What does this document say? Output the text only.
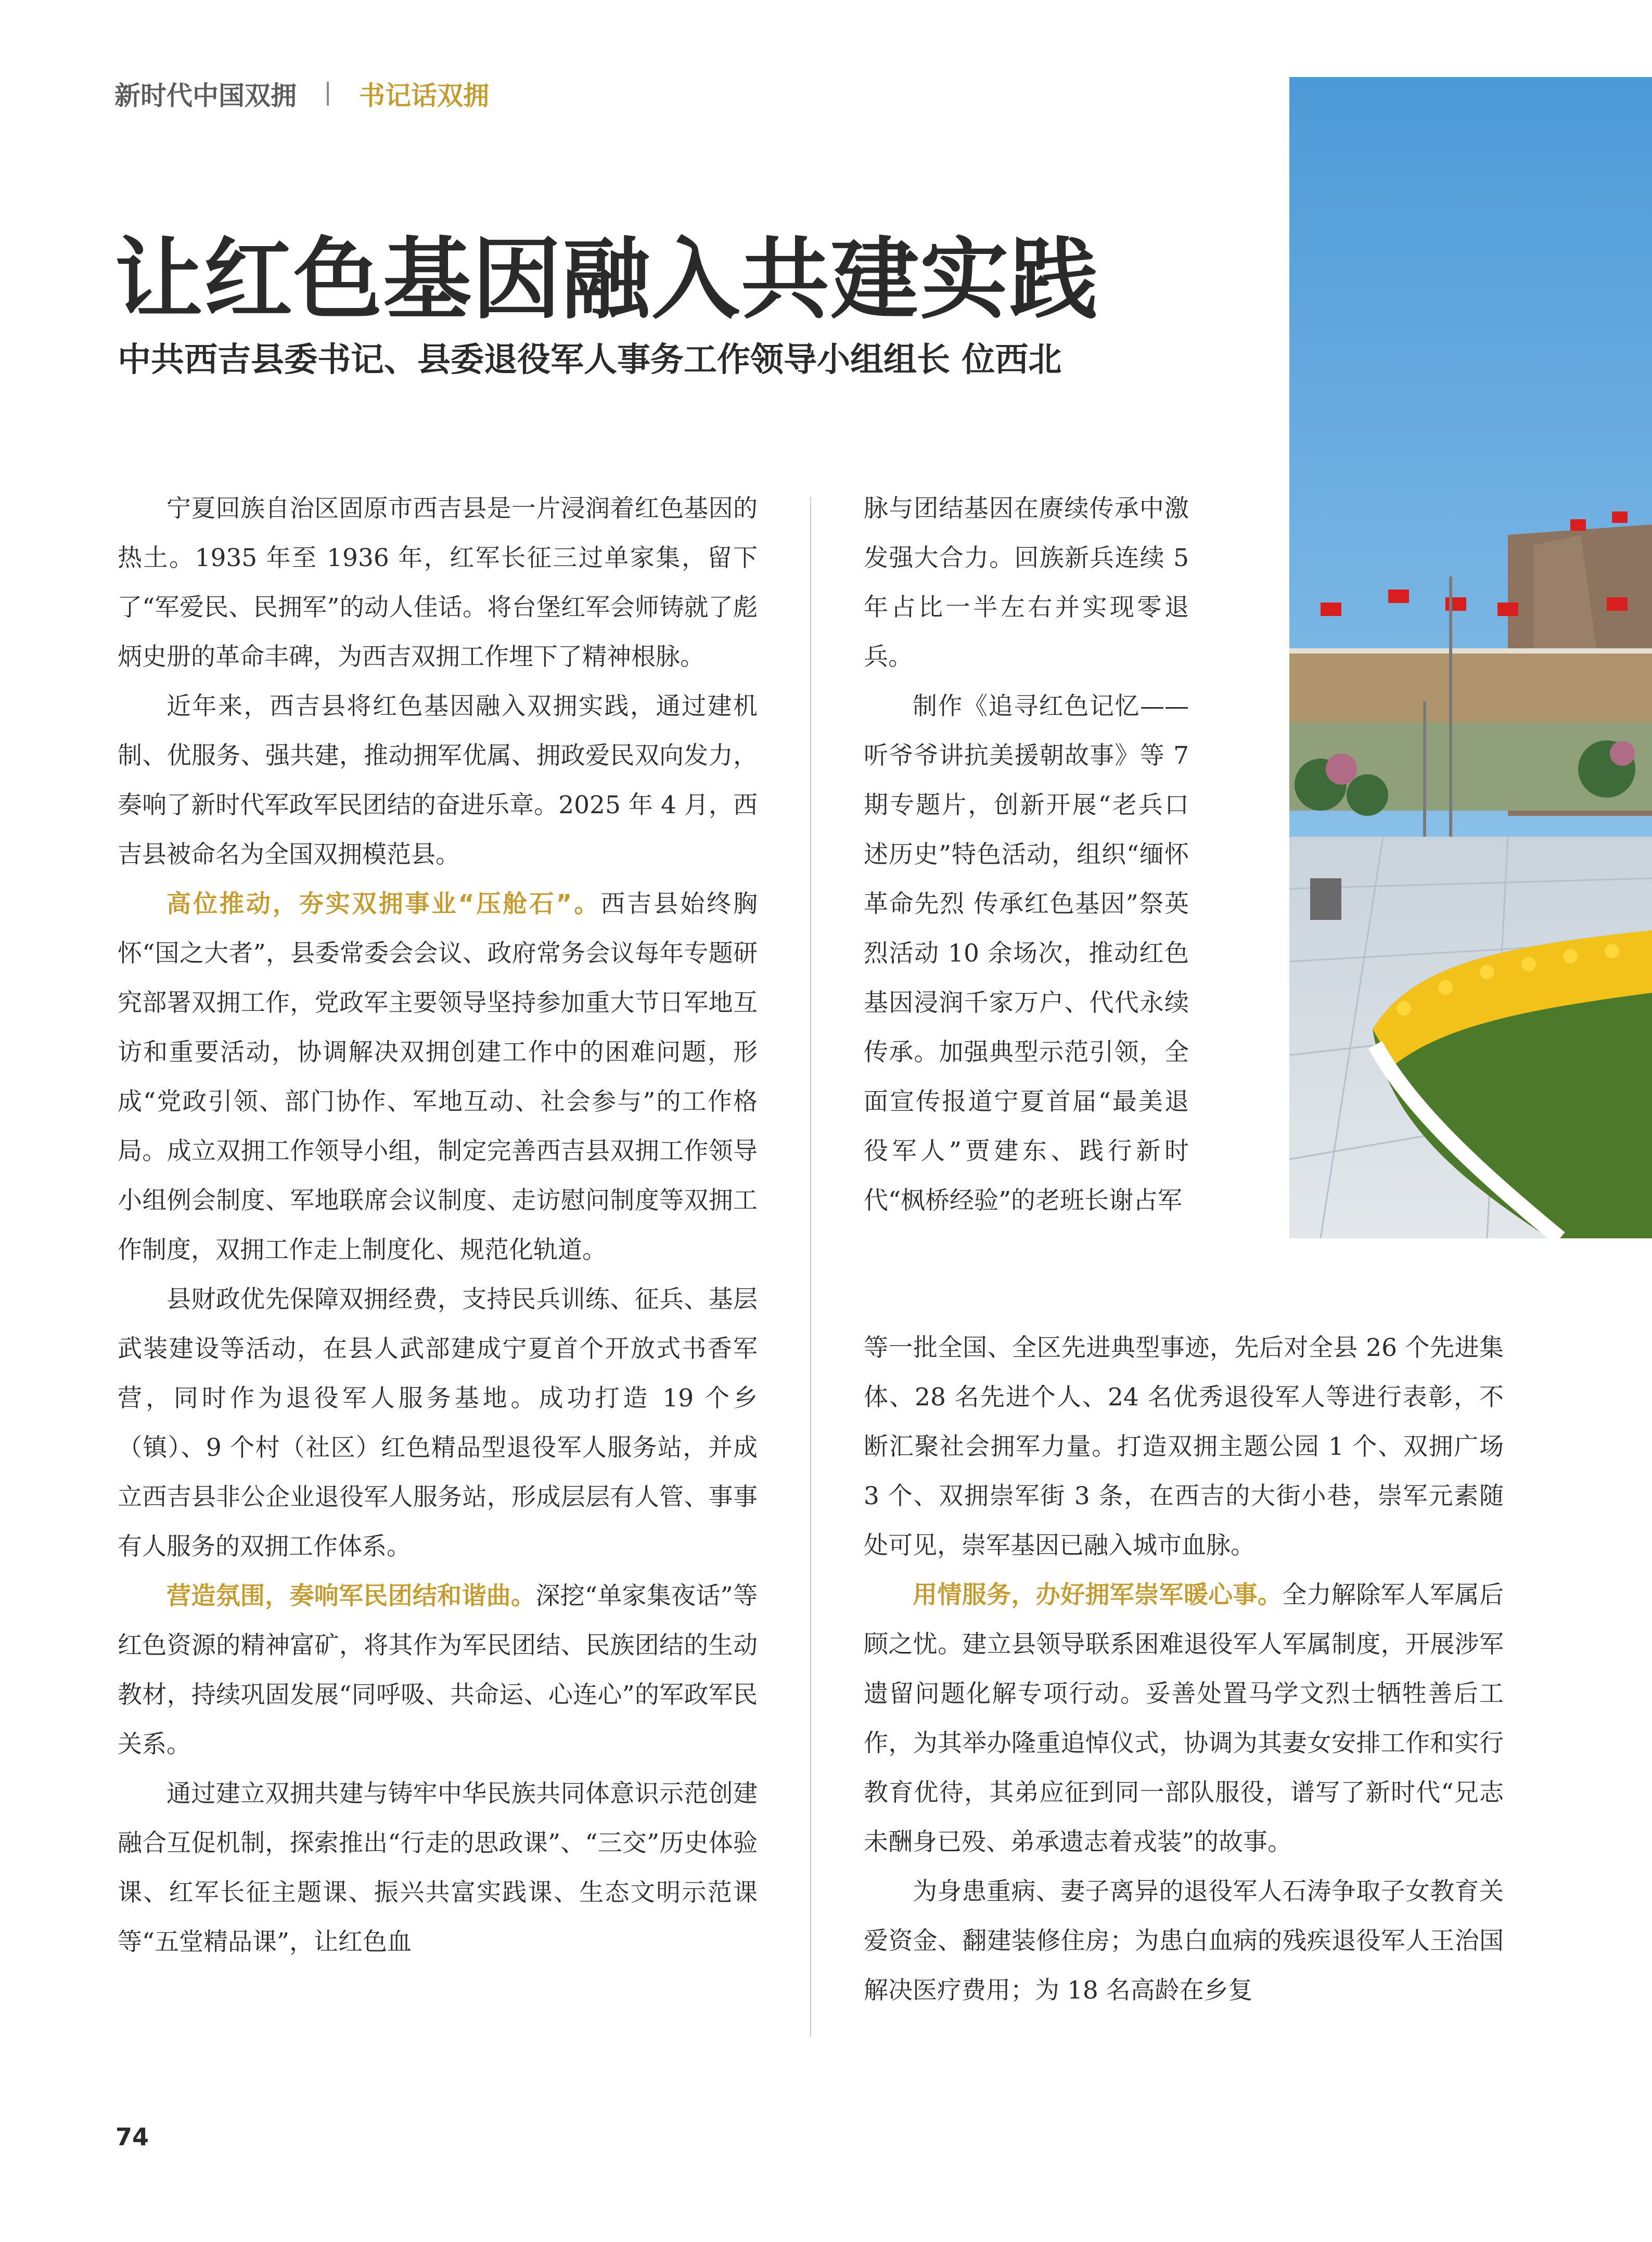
新时代中国双拥 书记话双拥
让红色基因融入共建实践
中共西吉县委书记、县委退役军人事务工作领导小组组长 位西北

宁夏回族自治区固原市西吉县是一片浸润着红色基因的热土。1935 年至 1936 年，红军长征三过单家集，留下了“军爱民、民拥军”的动人佳话。将台堡红军会师铸就了彪炳史册的革命丰碑，为西吉双拥工作埋下了精神根脉。

近年来，西吉县将红色基因融入双拥实践，通过建机制、优服务、强共建，推动拥军优属、拥政爱民双向发力，奏响了新时代军政军民团结的奋进乐章。2025 年 4 月，西吉县被命名为全国双拥模范县。

高位推动，夯实双拥事业“压舱石”。西吉县始终胸怀“国之大者”，县委常委会会议、政府常务会议每年专题研究部署双拥工作，党政军主要领导坚持参加重大节日军地互访和重要活动，协调解决双拥创建工作中的困难问题，形成“党政引领、部门协作、军地互动、社会参与”的工作格局。成立双拥工作领导小组，制定完善西吉县双拥工作领导小组例会制度、军地联席会议制度、走访慰问制度等双拥工作制度，双拥工作走上制度化、规范化轨道。

县财政优先保障双拥经费，支持民兵训练、征兵、基层武装建设等活动，在县人武部建成宁夏首个开放式书香军营，同时作为退役军人服务基地。成功打造 19 个乡（镇）、9 个村（社区）红色精品型退役军人服务站，并成立西吉县非公企业退役军人服务站，形成层层有人管、事事有人服务的双拥工作体系。

营造氛围，奏响军民团结和谐曲。深挖“单家集夜话”等红色资源的精神富矿，将其作为军民团结、民族团结的生动教材，持续巩固发展“同呼吸、共命运、心连心”的军政军民关系。

通过建立双拥共建与铸牢中华民族共同体意识示范创建融合互促机制，探索推出“行走的思政课”、“三交”历史体验课、红军长征主题课、振兴共富实践课、生态文明示范课等“五堂精品课”，让红色血

脉与团结基因在赓续传承中激发强大合力。回族新兵连续 5 年占比一半左右并实现零退兵。

制作《追寻红色记忆——听爷爷讲抗美援朝故事》等 7 期专题片，创新开展“老兵口述历史”特色活动，组织“缅怀革命先烈 传承红色基因”祭英烈活动 10 余场次，推动红色基因浸润千家万户、代代永续传承。加强典型示范引领，全面宣传报道宁夏首届“最美退役军人”贾建东、践行新时代“枫桥经验”的老班长谢占军

等一批全国、全区先进典型事迹，先后对全县 26 个先进集体、28 名先进个人、24 名优秀退役军人等进行表彰，不断汇聚社会拥军力量。打造双拥主题公园 1 个、双拥广场 3 个、双拥崇军街 3 条，在西吉的大街小巷，崇军元素随处可见，崇军基因已融入城市血脉。

用情服务，办好拥军崇军暖心事。全力解除军人军属后顾之忧。建立县领导联系困难退役军人军属制度，开展涉军遗留问题化解专项行动。妥善处置马学文烈士牺牲善后工作，为其举办隆重追悼仪式，协调为其妻女安排工作和实行教育优待，其弟应征到同一部队服役，谱写了新时代“兄志未酬身已殁、弟承遗志着戎装”的故事。

为身患重病、妻子离异的退役军人石涛争取子女教育关爱资金、翻建装修住房；为患白血病的残疾退役军人王治国解决医疗费用；为 18 名高龄在乡复

74
